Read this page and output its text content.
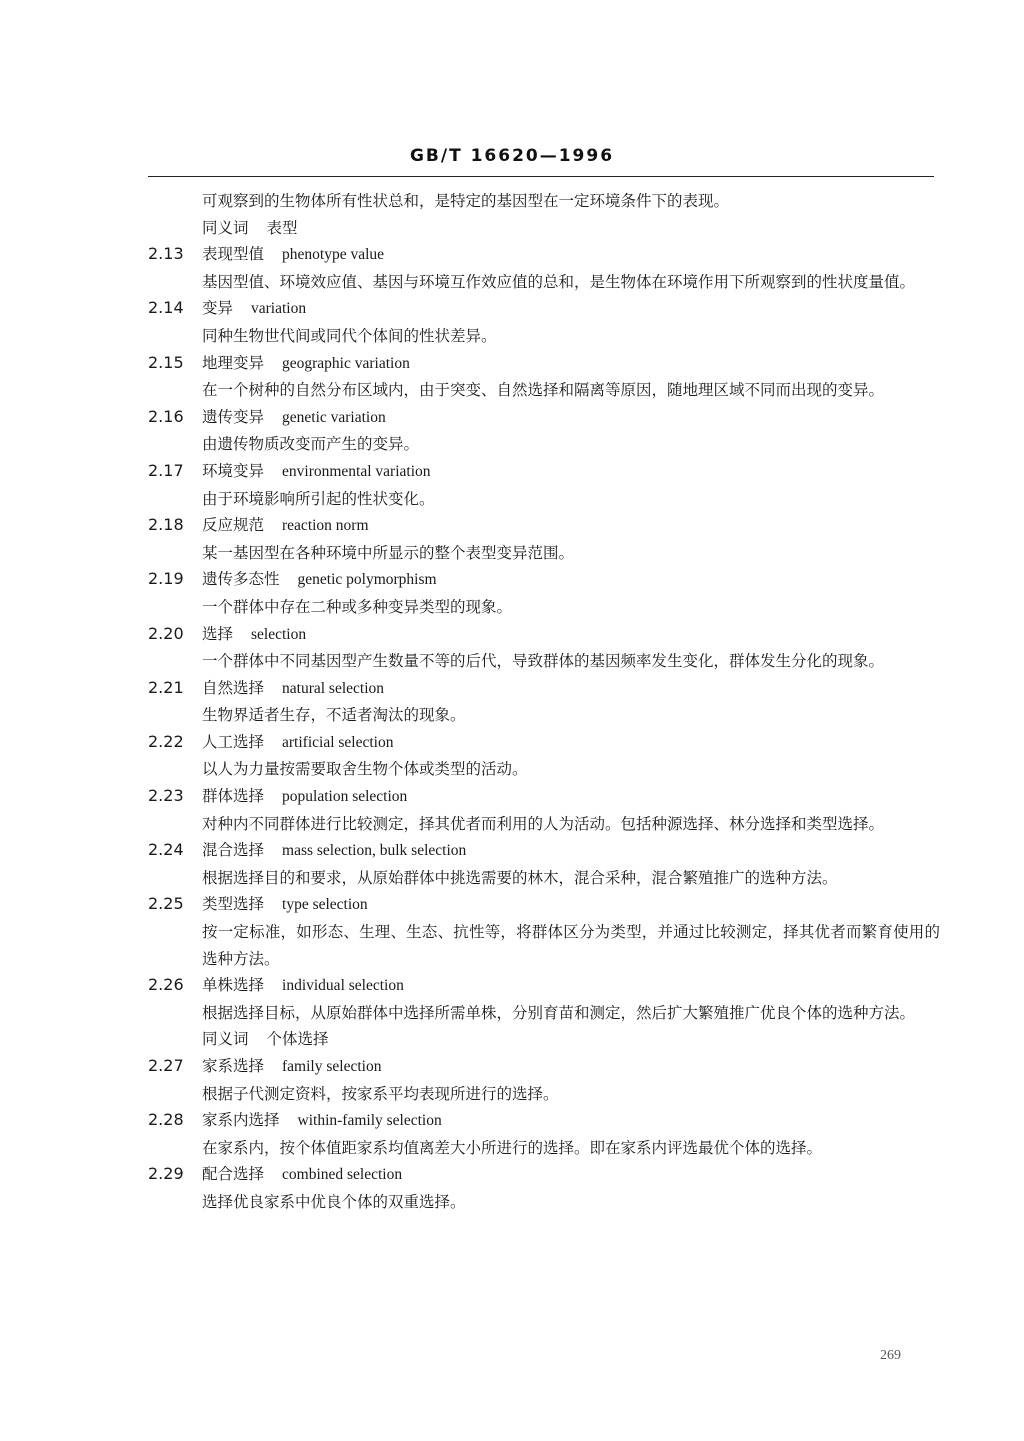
GB/T 16620—1996
可观察到的生物体所有性状总和，是特定的基因型在一定环境条件下的表现。
同义词 表型
2.13	表现型值 phenotype value
基因型值、环境效应值、基因与环境互作效应值的总和，是生物体在环境作用下所观察到的性状度量值。
2.14	变异 variation
同种生物世代间或同代个体间的性状差异。
2.15	地理变异 geographic variation
在一个树种的自然分布区域内，由于突变、自然选择和隔离等原因，随地理区域不同而出现的变异。
2.16	遗传变异 genetic variation
由遗传物质改变而产生的变异。
2.17	环境变异 environmental variation
由于环境影响所引起的性状变化。
2.18	反应规范 reaction norm
某一基因型在各种环境中所显示的整个表型变异范围。
2.19	遗传多态性 genetic polymorphism
一个群体中存在二种或多种变异类型的现象。
2.20	选择 selection
一个群体中不同基因型产生数量不等的后代，导致群体的基因频率发生变化，群体发生分化的现象。
2.21	自然选择 natural selection
生物界适者生存，不适者淘汰的现象。
2.22	人工选择 artificial selection
以人为力量按需要取舍生物个体或类型的活动。
2.23	群体选择 population selection
对种内不同群体进行比较测定，择其优者而利用的人为活动。包括种源选择、林分选择和类型选择。
2.24	混合选择 mass selection, bulk selection
根据选择目的和要求，从原始群体中挑选需要的林木，混合采种，混合繁殖推广的选种方法。
2.25	类型选择 type selection
按一定标准，如形态、生理、生态、抗性等，将群体区分为类型，并通过比较测定，择其优者而繁育使用的选种方法。
2.26	单株选择 individual selection
根据选择目标，从原始群体中选择所需单株，分别育苗和测定，然后扩大繁殖推广优良个体的选种方法。
同义词 个体选择
2.27	家系选择 family selection
根据子代测定资料，按家系平均表现所进行的选择。
2.28	家系内选择 within-family selection
在家系内，按个体值距家系均值离差大小所进行的选择。即在家系内评选最优个体的选择。
2.29	配合选择 combined selection
选择优良家系中优良个体的双重选择。
269
